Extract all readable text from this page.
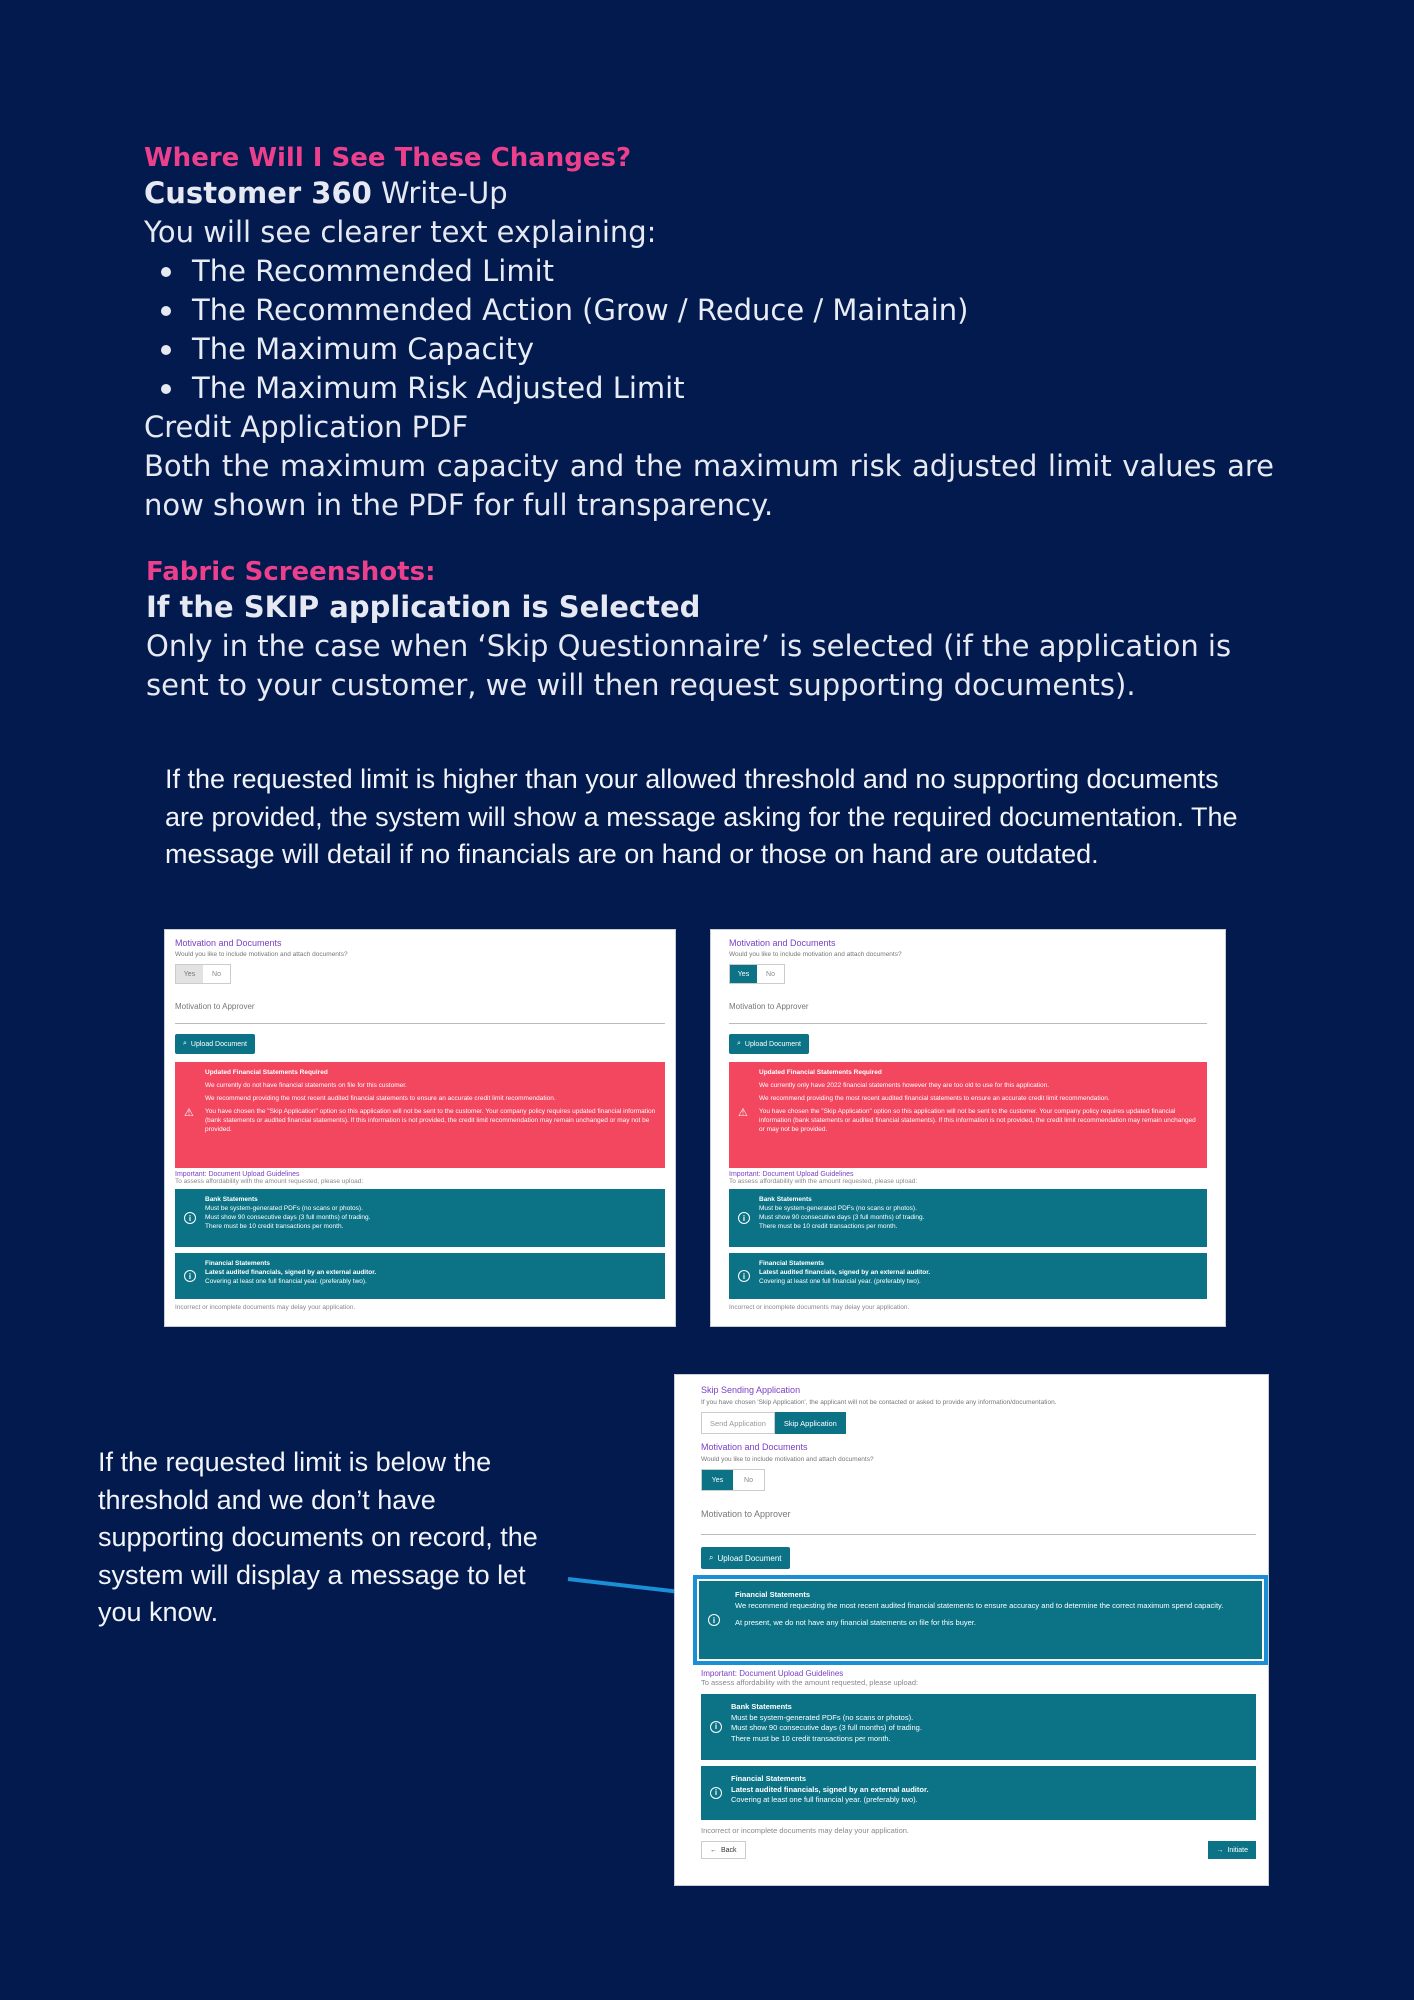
Where Will I See These Changes?
Customer 360 Write-Up
You will see clearer text explaining:
The Recommended Limit
The Recommended Action (Grow / Reduce / Maintain)
The Maximum Capacity
The Maximum Risk Adjusted Limit
Credit Application PDF
Both the maximum capacity and the maximum risk adjusted limit values are now shown in the PDF for full transparency.
Fabric Screenshots:
If the SKIP application is Selected
Only in the case when ‘Skip Questionnaire’ is selected (if the application is sent to your customer, we will then request supporting documents).
If the requested limit is higher than your allowed threshold and no supporting documents are provided, the system will show a message asking for the required documentation. The message will detail if no financials are on hand or those on hand are outdated.
Motivation and Documents
Would you like to include motivation and attach documents?
Yes	No
Motivation to Approver
⌕ Upload Document
⚠

Updated Financial Statements Required

We currently do not have financial statements on file for this customer.

We recommend providing the most recent audited financial statements to ensure an accurate credit limit recommendation.

You have chosen the "Skip Application" option so this application will not be sent to the customer. Your company policy requires updated financial information (bank statements or audited financial statements). If this information is not provided, the credit limit recommendation may remain unchanged or may not be provided.

Important: Document Upload Guidelines
To assess affordability with the amount requested, please upload:
i
Bank Statements
Must be system-generated PDFs (no scans or photos).
Must show 90 consecutive days (3 full months) of trading.
There must be 10 credit transactions per month.
i
Financial Statements
Latest audited financials, signed by an external auditor.
Covering at least one full financial year. (preferably two).
Incorrect or incomplete documents may delay your application.
Motivation and Documents
Would you like to include motivation and attach documents?
Yes	No
Motivation to Approver
⌕ Upload Document
⚠

Updated Financial Statements Required

We currently only have 2022 financial statements however they are too old to use for this application.

We recommend providing the most recent audited financial statements to ensure an accurate credit limit recommendation.

You have chosen the "Skip Application" option so this application will not be sent to the customer. Your company policy requires updated financial information (bank statements or audited financial statements). If this information is not provided, the credit limit recommendation may remain unchanged or may not be provided.

Important: Document Upload Guidelines
To assess affordability with the amount requested, please upload:
i
Bank Statements
Must be system-generated PDFs (no scans or photos).
Must show 90 consecutive days (3 full months) of trading.
There must be 10 credit transactions per month.
i
Financial Statements
Latest audited financials, signed by an external auditor.
Covering at least one full financial year. (preferably two).
Incorrect or incomplete documents may delay your application.
If the requested limit is below the threshold and we don’t have supporting documents on record, the system will display a message to let you know.
Skip Sending Application
If you have chosen 'Skip Application', the applicant will not be contacted or asked to provide any information/documentation.
Send Application	Skip Application
Motivation and Documents
Would you like to include motivation and attach documents?
Yes	No
Motivation to Approver
⌕ Upload Document
i
Financial Statements
We recommend requesting the most recent audited financial statements to ensure accuracy and to determine the correct maximum spend capacity.
At present, we do not have any financial statements on file for this buyer.
Important: Document Upload Guidelines
To assess affordability with the amount requested, please upload:
i
Bank Statements
Must be system-generated PDFs (no scans or photos).
Must show 90 consecutive days (3 full months) of trading.
There must be 10 credit transactions per month.
i
Financial Statements
Latest audited financials, signed by an external auditor.
Covering at least one full financial year. (preferably two).
Incorrect or incomplete documents may delay your application.
← Back	→ Initiate
